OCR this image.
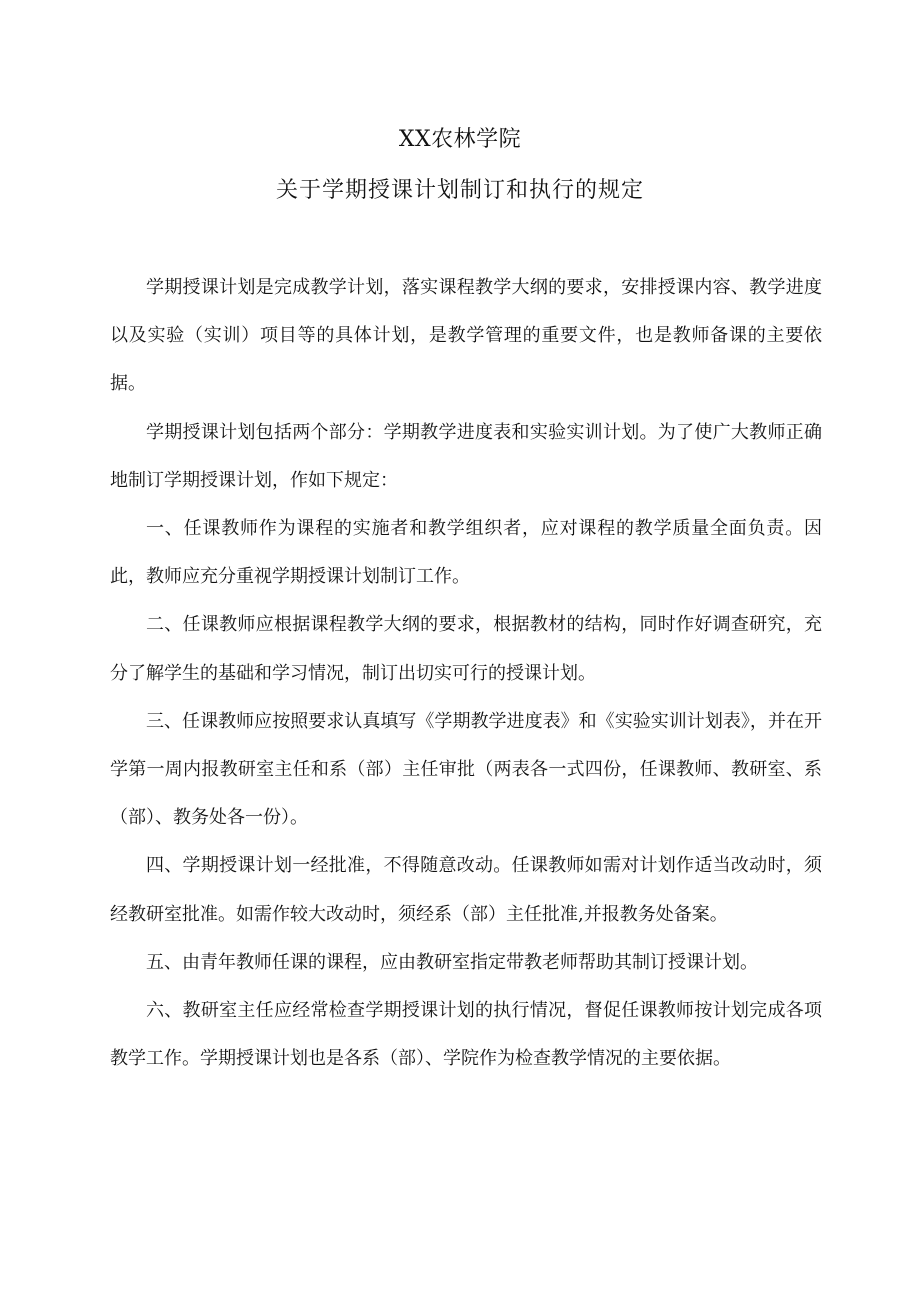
XX农林学院
关于学期授课计划制订和执行的规定

学期授课计划是完成教学计划，落实课程教学大纲的要求，安排授课内容、教学进度以及实验（实训）项目等的具体计划，是教学管理的重要文件，也是教师备课的主要依据。

学期授课计划包括两个部分：学期教学进度表和实验实训计划。为了使广大教师正确地制订学期授课计划，作如下规定：

一、任课教师作为课程的实施者和教学组织者，应对课程的教学质量全面负责。因此，教师应充分重视学期授课计划制订工作。

二、任课教师应根据课程教学大纲的要求，根据教材的结构，同时作好调查研究，充分了解学生的基础和学习情况，制订出切实可行的授课计划。

三、任课教师应按照要求认真填写《学期教学进度表》和《实验实训计划表》，并在开学第一周内报教研室主任和系（部）主任审批（两表各一式四份，任课教师、教研室、系（部）、教务处各一份）。

四、学期授课计划一经批准，不得随意改动。任课教师如需对计划作适当改动时，须经教研室批准。如需作较大改动时，须经系（部）主任批准,并报教务处备案。

五、由青年教师任课的课程，应由教研室指定带教老师帮助其制订授课计划。

六、教研室主任应经常检查学期授课计划的执行情况，督促任课教师按计划完成各项教学工作。学期授课计划也是各系（部）、学院作为检查教学情况的主要依据。
